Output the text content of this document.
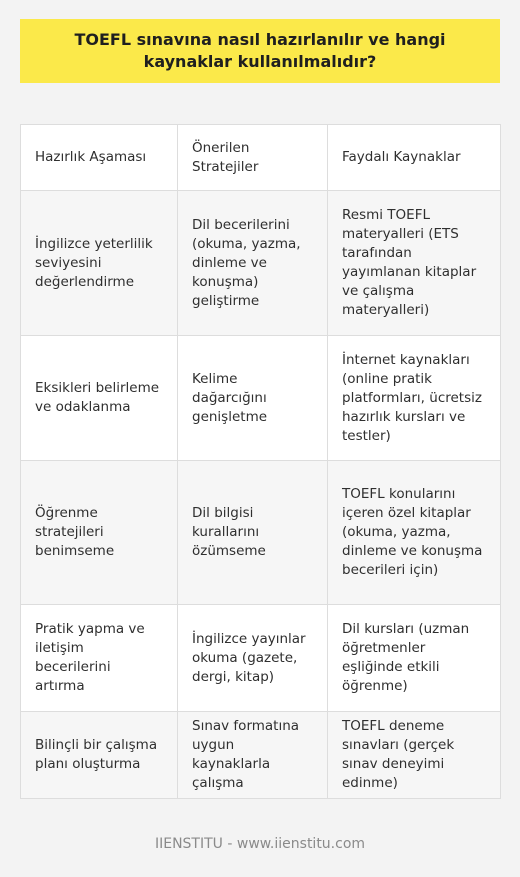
TOEFL sınavına nasıl hazırlanılır ve hangi kaynaklar kullanılmalıdır?
Hazırlık Aşaması	Önerilen Stratejiler	Faydalı Kaynaklar
İngilizce yeterlilik seviyesini değerlendirme	Dil becerilerini (okuma, yazma, dinleme ve konuşma) geliştirme	Resmi TOEFL materyalleri (ETS tarafından yayımlanan kitaplar ve çalışma materyalleri)
Eksikleri belirleme ve odaklanma	Kelime dağarcığını genişletme	İnternet kaynakları (online pratik platformları, ücretsiz hazırlık kursları ve testler)
Öğrenme stratejileri benimseme	Dil bilgisi kurallarını özümseme	TOEFL konularını içeren özel kitaplar (okuma, yazma, dinleme ve konuşma becerileri için)
Pratik yapma ve iletişim becerilerini artırma	İngilizce yayınlar okuma (gazete, dergi, kitap)	Dil kursları (uzman öğretmenler eşliğinde etkili öğrenme)
Bilinçli bir çalışma planı oluşturma	Sınav formatına uygun kaynaklarla çalışma	TOEFL deneme sınavları (gerçek sınav deneyimi edinme)
IIENSTITU - www.iienstitu.com
